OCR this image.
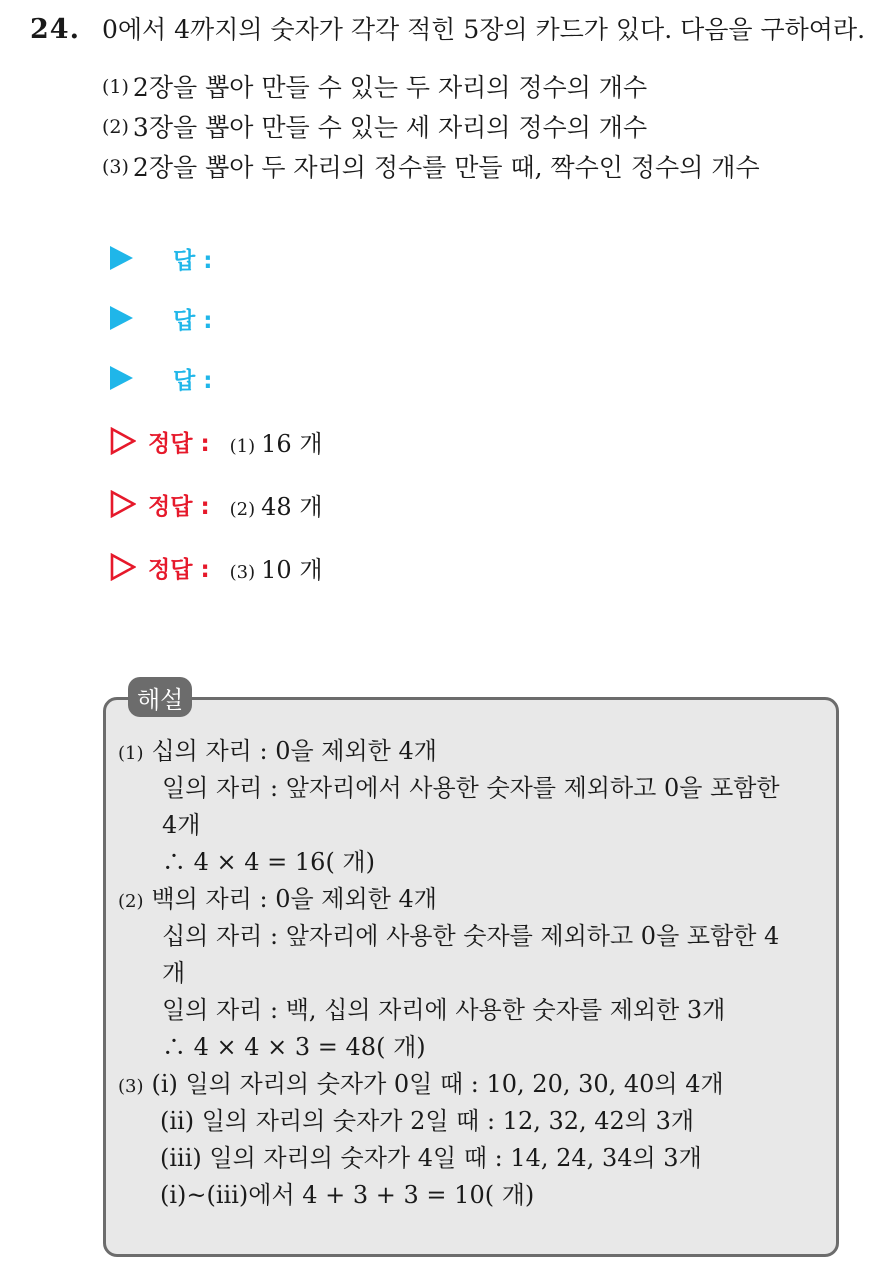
24. 0에서 4까지의 숫자가 각각 적힌 5장의 카드가 있다. 다음을 구하여라.
(1) 2장을 뽑아 만들 수 있는 두 자리의 정수의 개수
(2) 3장을 뽑아 만들 수 있는 세 자리의 정수의 개수
(3) 2장을 뽑아 두 자리의 정수를 만들 때, 짝수인 정수의 개수
답 :
답 :
답 :
정답 : (1) 16 개
정답 : (2) 48 개
정답 : (3) 10 개
해설
(1) 십의 자리 : 0을 제외한 4개
일의 자리 : 앞자리에서 사용한 숫자를 제외하고 0을 포함한
4개
∴ 4 × 4 = 16( 개)
(2) 백의 자리 : 0을 제외한 4개
십의 자리 : 앞자리에 사용한 숫자를 제외하고 0을 포함한 4
개
일의 자리 : 백, 십의 자리에 사용한 숫자를 제외한 3개
∴ 4 × 4 × 3 = 48( 개)
(3) (i) 일의 자리의 숫자가 0일 때 : 10, 20, 30, 40의 4개
(ii) 일의 자리의 숫자가 2일 때 : 12, 32, 42의 3개
(iii) 일의 자리의 숫자가 4일 때 : 14, 24, 34의 3개
(i)~(iii)에서 4 + 3 + 3 = 10( 개)
